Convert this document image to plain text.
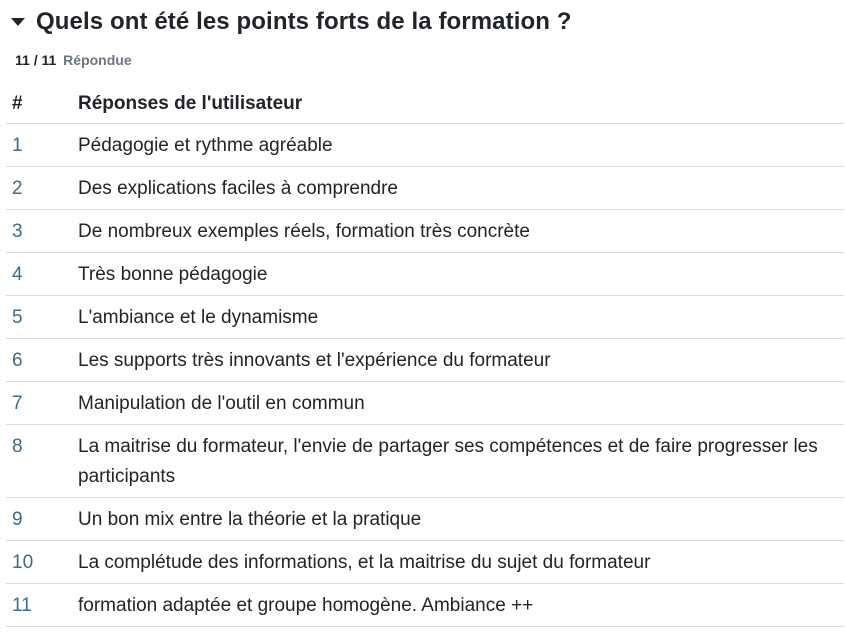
Quels ont été les points forts de la formation ?
11 / 11 Répondue
#	Réponses de l'utilisateur
1	Pédagogie et rythme agréable
2	Des explications faciles à comprendre
3	De nombreux exemples réels, formation très concrète
4	Très bonne pédagogie
5	L'ambiance et le dynamisme
6	Les supports très innovants et l'expérience du formateur
7	Manipulation de l'outil en commun
8	La maitrise du formateur, l'envie de partager ses compétences et de faire progresser les participants
9	Un bon mix entre la théorie et la pratique
10	La complétude des informations, et la maitrise du sujet du formateur
11	formation adaptée et groupe homogène. Ambiance ++
